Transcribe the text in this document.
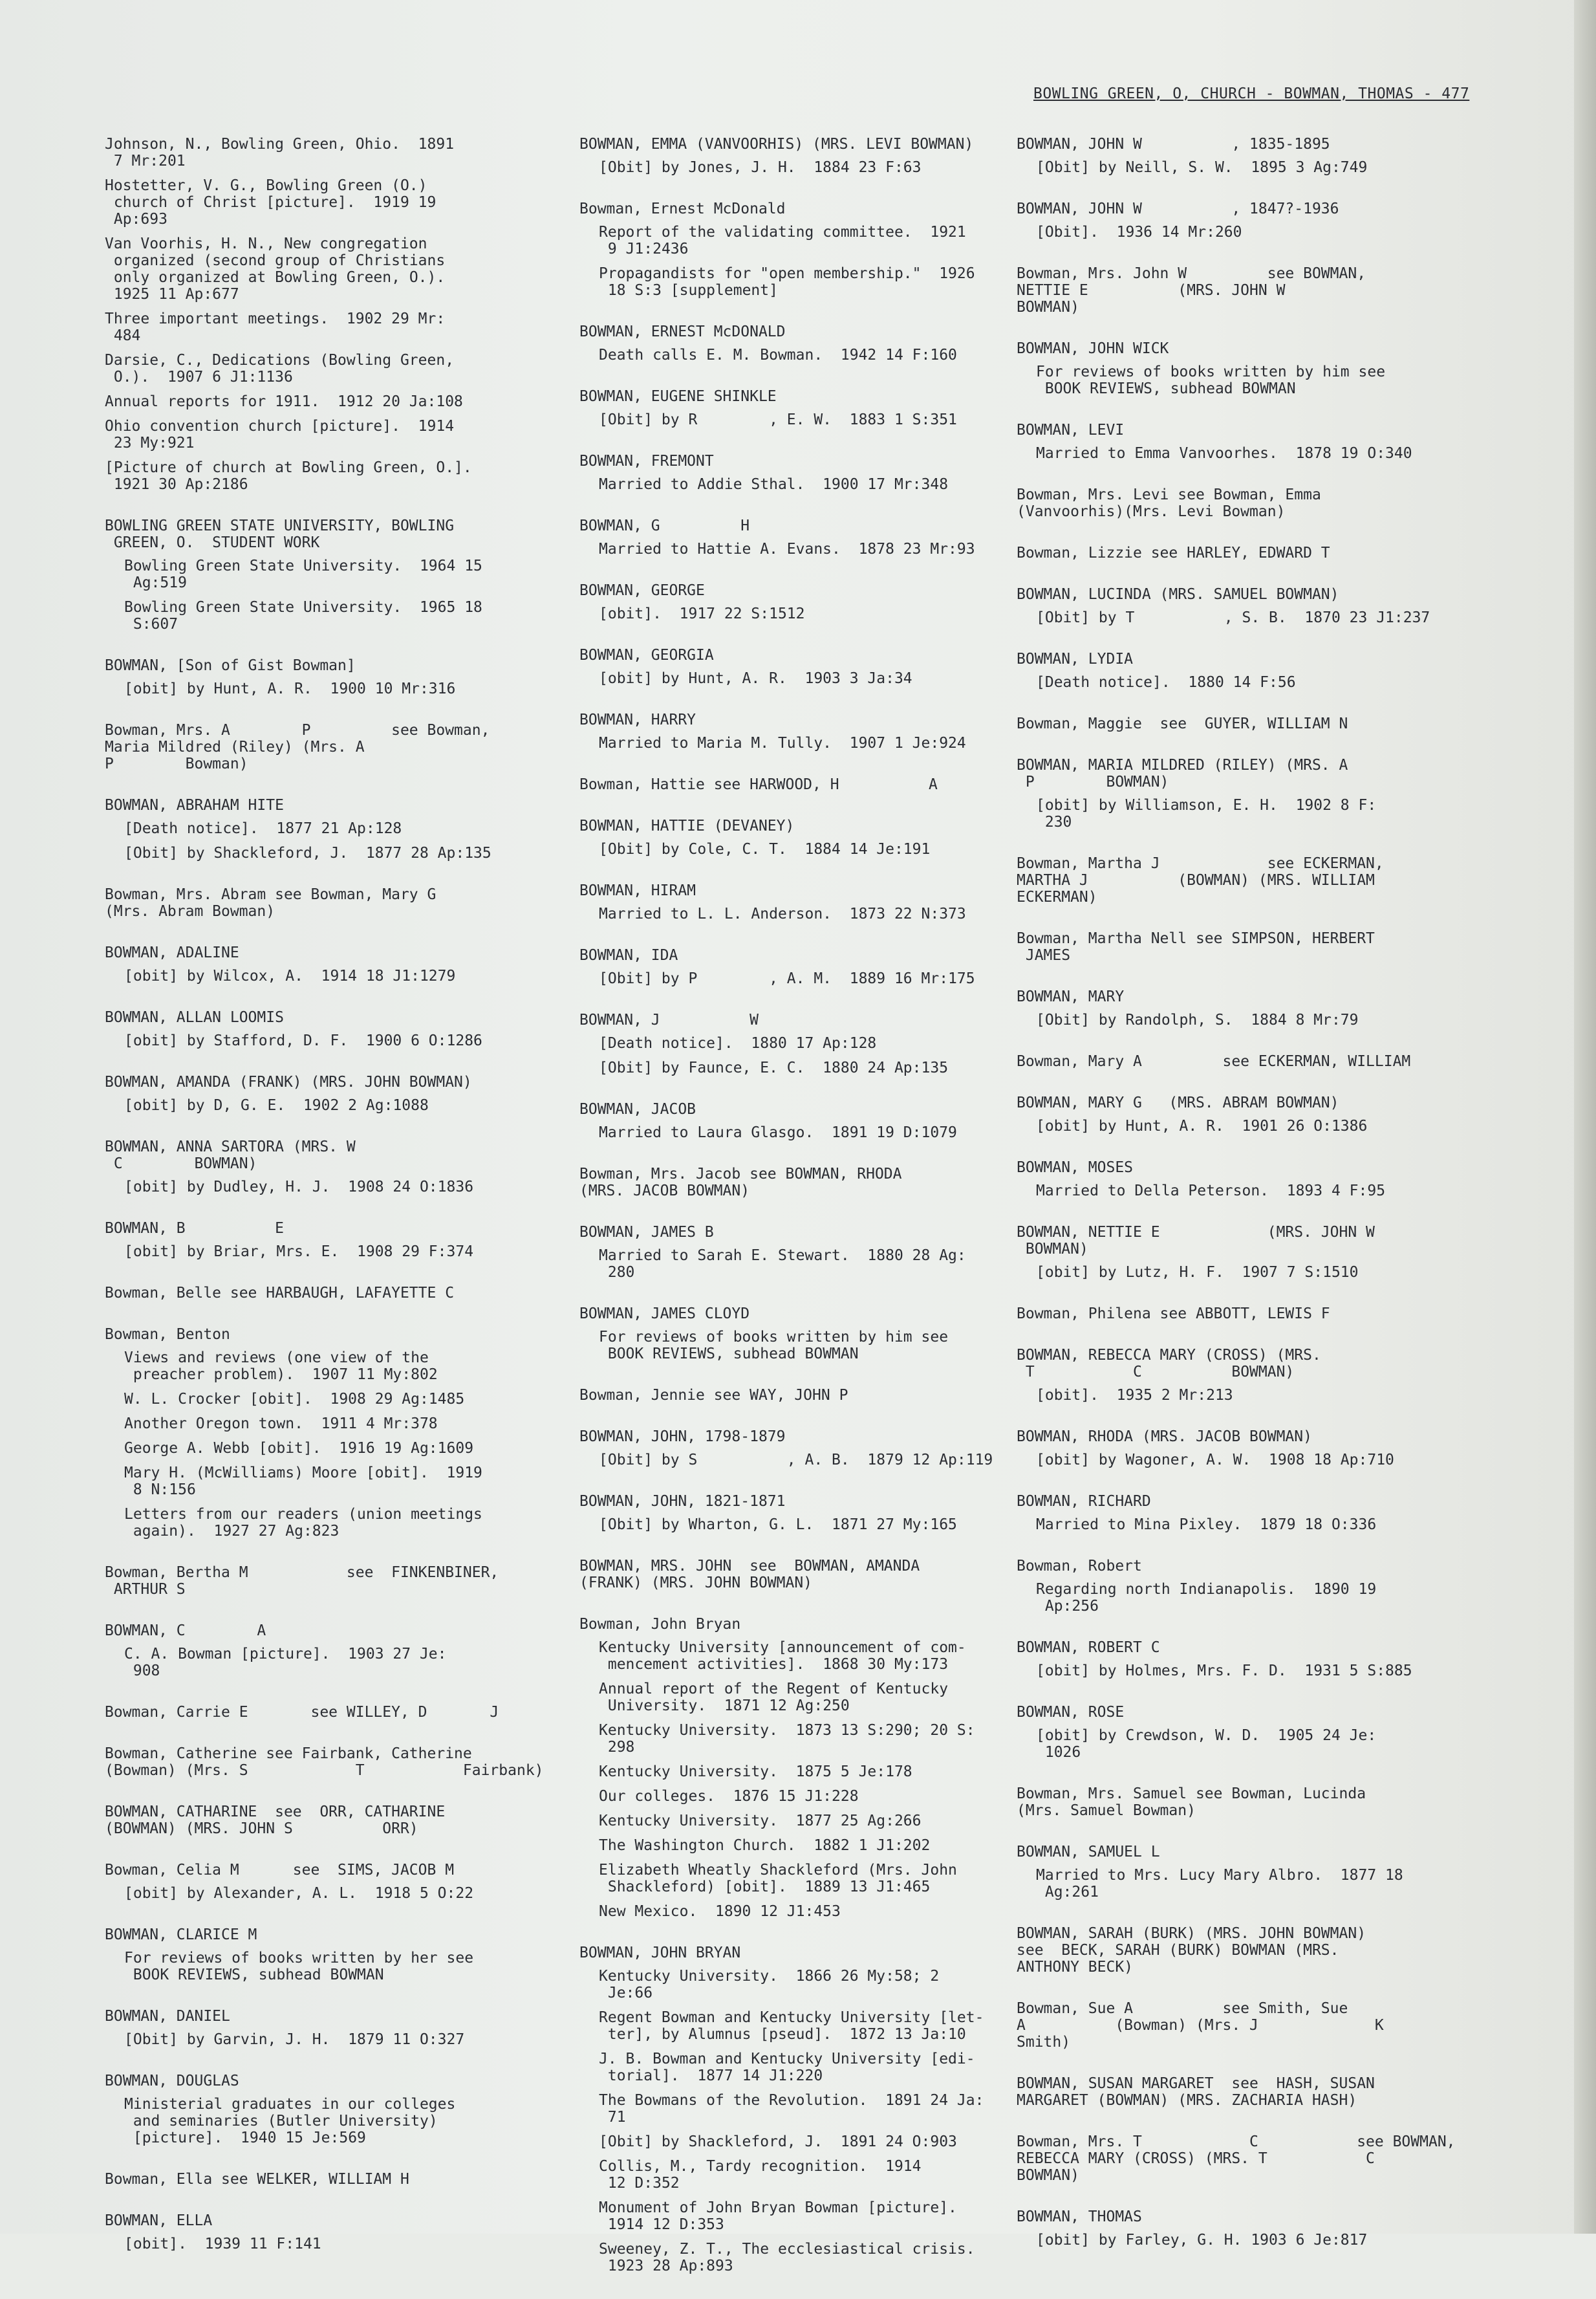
BOWLING GREEN, O, CHURCH - BOWMAN, THOMAS - 477
Johnson, N., Bowling Green, Ohio.  1891
7 Mr:201
Hostetter, V. G., Bowling Green (O.)
church of Christ [picture].  1919 19
Ap:693
Van Voorhis, H. N., New congregation
organized (second group of Christians
only organized at Bowling Green, O.).
1925 11 Ap:677
Three important meetings.  1902 29 Mr:
484
Darsie, C., Dedications (Bowling Green,
O.).  1907 6 J1:1136
Annual reports for 1911.  1912 20 Ja:108
Ohio convention church [picture].  1914
23 My:921
[Picture of church at Bowling Green, O.].
1921 30 Ap:2186
BOWLING GREEN STATE UNIVERSITY, BOWLING
GREEN, O.  STUDENT WORK
Bowling Green State University.  1964 15
Ag:519
Bowling Green State University.  1965 18
S:607
BOWMAN, [Son of Gist Bowman]
[obit] by Hunt, A. R.  1900 10 Mr:316
Bowman, Mrs. A        P         see Bowman,
Maria Mildred (Riley) (Mrs. A
P        Bowman)
BOWMAN, ABRAHAM HITE
[Death notice].  1877 21 Ap:128
[Obit] by Shackleford, J.  1877 28 Ap:135
Bowman, Mrs. Abram see Bowman, Mary G
(Mrs. Abram Bowman)
BOWMAN, ADALINE
[obit] by Wilcox, A.  1914 18 J1:1279
BOWMAN, ALLAN LOOMIS
[obit] by Stafford, D. F.  1900 6 O:1286
BOWMAN, AMANDA (FRANK) (MRS. JOHN BOWMAN)
[obit] by D, G. E.  1902 2 Ag:1088
BOWMAN, ANNA SARTORA (MRS. W
C        BOWMAN)
[obit] by Dudley, H. J.  1908 24 O:1836
BOWMAN, B          E
[obit] by Briar, Mrs. E.  1908 29 F:374
Bowman, Belle see HARBAUGH, LAFAYETTE C
Bowman, Benton
Views and reviews (one view of the
preacher problem).  1907 11 My:802
W. L. Crocker [obit].  1908 29 Ag:1485
Another Oregon town.  1911 4 Mr:378
George A. Webb [obit].  1916 19 Ag:1609
Mary H. (McWilliams) Moore [obit].  1919
8 N:156
Letters from our readers (union meetings
again).  1927 27 Ag:823
Bowman, Bertha M           see  FINKENBINER,
ARTHUR S
BOWMAN, C        A
C. A. Bowman [picture].  1903 27 Je:
908
Bowman, Carrie E       see WILLEY, D       J
Bowman, Catherine see Fairbank, Catherine
(Bowman) (Mrs. S            T           Fairbank)
BOWMAN, CATHARINE  see  ORR, CATHARINE
(BOWMAN) (MRS. JOHN S          ORR)
Bowman, Celia M      see  SIMS, JACOB M
[obit] by Alexander, A. L.  1918 5 O:22
BOWMAN, CLARICE M
For reviews of books written by her see
BOOK REVIEWS, subhead BOWMAN
BOWMAN, DANIEL
[Obit] by Garvin, J. H.  1879 11 O:327
BOWMAN, DOUGLAS
Ministerial graduates in our colleges
and seminaries (Butler University)
[picture].  1940 15 Je:569
Bowman, Ella see WELKER, WILLIAM H
BOWMAN, ELLA
[obit].  1939 11 F:141
BOWMAN, EMMA (VANVOORHIS) (MRS. LEVI BOWMAN)
[Obit] by Jones, J. H.  1884 23 F:63
Bowman, Ernest McDonald
Report of the validating committee.  1921
9 J1:2436
Propagandists for "open membership."  1926
18 S:3 [supplement]
BOWMAN, ERNEST McDONALD
Death calls E. M. Bowman.  1942 14 F:160
BOWMAN, EUGENE SHINKLE
[Obit] by R        , E. W.  1883 1 S:351
BOWMAN, FREMONT
Married to Addie Sthal.  1900 17 Mr:348
BOWMAN, G         H
Married to Hattie A. Evans.  1878 23 Mr:93
BOWMAN, GEORGE
[obit].  1917 22 S:1512
BOWMAN, GEORGIA
[obit] by Hunt, A. R.  1903 3 Ja:34
BOWMAN, HARRY
Married to Maria M. Tully.  1907 1 Je:924
Bowman, Hattie see HARWOOD, H          A
BOWMAN, HATTIE (DEVANEY)
[Obit] by Cole, C. T.  1884 14 Je:191
BOWMAN, HIRAM
Married to L. L. Anderson.  1873 22 N:373
BOWMAN, IDA
[Obit] by P        , A. M.  1889 16 Mr:175
BOWMAN, J          W
[Death notice].  1880 17 Ap:128
[Obit] by Faunce, E. C.  1880 24 Ap:135
BOWMAN, JACOB
Married to Laura Glasgo.  1891 19 D:1079
Bowman, Mrs. Jacob see BOWMAN, RHODA
(MRS. JACOB BOWMAN)
BOWMAN, JAMES B
Married to Sarah E. Stewart.  1880 28 Ag:
280
BOWMAN, JAMES CLOYD
For reviews of books written by him see
BOOK REVIEWS, subhead BOWMAN
Bowman, Jennie see WAY, JOHN P
BOWMAN, JOHN, 1798-1879
[Obit] by S          , A. B.  1879 12 Ap:119
BOWMAN, JOHN, 1821-1871
[Obit] by Wharton, G. L.  1871 27 My:165
BOWMAN, MRS. JOHN  see  BOWMAN, AMANDA
(FRANK) (MRS. JOHN BOWMAN)
Bowman, John Bryan
Kentucky University [announcement of com-
mencement activities].  1868 30 My:173
Annual report of the Regent of Kentucky
University.  1871 12 Ag:250
Kentucky University.  1873 13 S:290; 20 S:
298
Kentucky University.  1875 5 Je:178
Our colleges.  1876 15 J1:228
Kentucky University.  1877 25 Ag:266
The Washington Church.  1882 1 J1:202
Elizabeth Wheatly Shackleford (Mrs. John
Shackleford) [obit].  1889 13 J1:465
New Mexico.  1890 12 J1:453
BOWMAN, JOHN BRYAN
Kentucky University.  1866 26 My:58; 2
Je:66
Regent Bowman and Kentucky University [let-
ter], by Alumnus [pseud].  1872 13 Ja:10
J. B. Bowman and Kentucky University [edi-
torial].  1877 14 J1:220
The Bowmans of the Revolution.  1891 24 Ja:
71
[Obit] by Shackleford, J.  1891 24 O:903
Collis, M., Tardy recognition.  1914
12 D:352
Monument of John Bryan Bowman [picture].
1914 12 D:353
Sweeney, Z. T., The ecclesiastical crisis.
1923 28 Ap:893
BOWMAN, JOHN W          , 1835-1895
[Obit] by Neill, S. W.  1895 3 Ag:749
BOWMAN, JOHN W          , 1847?-1936
[Obit].  1936 14 Mr:260
Bowman, Mrs. John W         see BOWMAN,
NETTIE E          (MRS. JOHN W
BOWMAN)
BOWMAN, JOHN WICK
For reviews of books written by him see
BOOK REVIEWS, subhead BOWMAN
BOWMAN, LEVI
Married to Emma Vanvoorhes.  1878 19 O:340
Bowman, Mrs. Levi see Bowman, Emma
(Vanvoorhis)(Mrs. Levi Bowman)
Bowman, Lizzie see HARLEY, EDWARD T
BOWMAN, LUCINDA (MRS. SAMUEL BOWMAN)
[Obit] by T          , S. B.  1870 23 J1:237
BOWMAN, LYDIA
[Death notice].  1880 14 F:56
Bowman, Maggie  see  GUYER, WILLIAM N
BOWMAN, MARIA MILDRED (RILEY) (MRS. A
P        BOWMAN)
[obit] by Williamson, E. H.  1902 8 F:
230
Bowman, Martha J            see ECKERMAN,
MARTHA J          (BOWMAN) (MRS. WILLIAM
ECKERMAN)
Bowman, Martha Nell see SIMPSON, HERBERT
JAMES
BOWMAN, MARY
[Obit] by Randolph, S.  1884 8 Mr:79
Bowman, Mary A         see ECKERMAN, WILLIAM
BOWMAN, MARY G   (MRS. ABRAM BOWMAN)
[obit] by Hunt, A. R.  1901 26 O:1386
BOWMAN, MOSES
Married to Della Peterson.  1893 4 F:95
BOWMAN, NETTIE E            (MRS. JOHN W
BOWMAN)
[obit] by Lutz, H. F.  1907 7 S:1510
Bowman, Philena see ABBOTT, LEWIS F
BOWMAN, REBECCA MARY (CROSS) (MRS.
T           C          BOWMAN)
[obit].  1935 2 Mr:213
BOWMAN, RHODA (MRS. JACOB BOWMAN)
[obit] by Wagoner, A. W.  1908 18 Ap:710
BOWMAN, RICHARD
Married to Mina Pixley.  1879 18 O:336
Bowman, Robert
Regarding north Indianapolis.  1890 19
Ap:256
BOWMAN, ROBERT C
[obit] by Holmes, Mrs. F. D.  1931 5 S:885
BOWMAN, ROSE
[obit] by Crewdson, W. D.  1905 24 Je:
1026
Bowman, Mrs. Samuel see Bowman, Lucinda
(Mrs. Samuel Bowman)
BOWMAN, SAMUEL L
Married to Mrs. Lucy Mary Albro.  1877 18
Ag:261
BOWMAN, SARAH (BURK) (MRS. JOHN BOWMAN)
see  BECK, SARAH (BURK) BOWMAN (MRS.
ANTHONY BECK)
Bowman, Sue A          see Smith, Sue
A          (Bowman) (Mrs. J             K
Smith)
BOWMAN, SUSAN MARGARET  see  HASH, SUSAN
MARGARET (BOWMAN) (MRS. ZACHARIA HASH)
Bowman, Mrs. T            C           see BOWMAN,
REBECCA MARY (CROSS) (MRS. T           C
BOWMAN)
BOWMAN, THOMAS
[obit] by Farley, G. H. 1903 6 Je:817
